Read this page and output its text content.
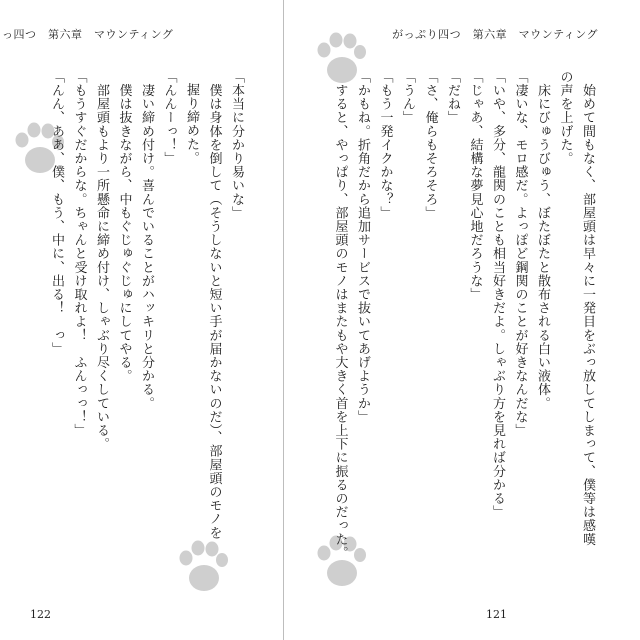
っ四つ　第六章　マウンティング
「本当に分かり易いな」
　僕は身体を倒して（そうしないと短い手が届かないのだ）、部屋頭のモノを
握り締めた。
「んんーっ！」
　凄い締め付け。喜んでいることがハッキリと分かる。
　僕は抜きながら、中もぐじゅぐじゅにしてやる。
　部屋頭もより一所懸命に締め付け、しゃぶり尽くしている。
「もうすぐだからな。ちゃんと受け取れよ！　ふんっっ！」
「んん、ああ、僕、もう、中に、出る！　っ」
122
がっぷり四つ　第六章　マウンティング
　始めて間もなく、部屋頭は早々に一発目をぶっ放してしまって、僕等は感嘆
の声を上げた。
　床にびゅうびゅう、ぼたぼたと散布される白い液体。
「凄いな、モロ感だ。よっぽど鋼関のことが好きなんだな」
「いや、多分、龍関のことも相当好きだよ。しゃぶり方を見れば分かる」
「じゃあ、結構な夢見心地だろうな」
「だね」
「さ、俺らもそろそろ」
「うん」
「もう一発イクかな？」
「かもね。折角だから追加サービスで抜いてあげようか」
　すると、やっぱり、部屋頭のモノはまたもや大きく首を上下に振るのだった。
121
